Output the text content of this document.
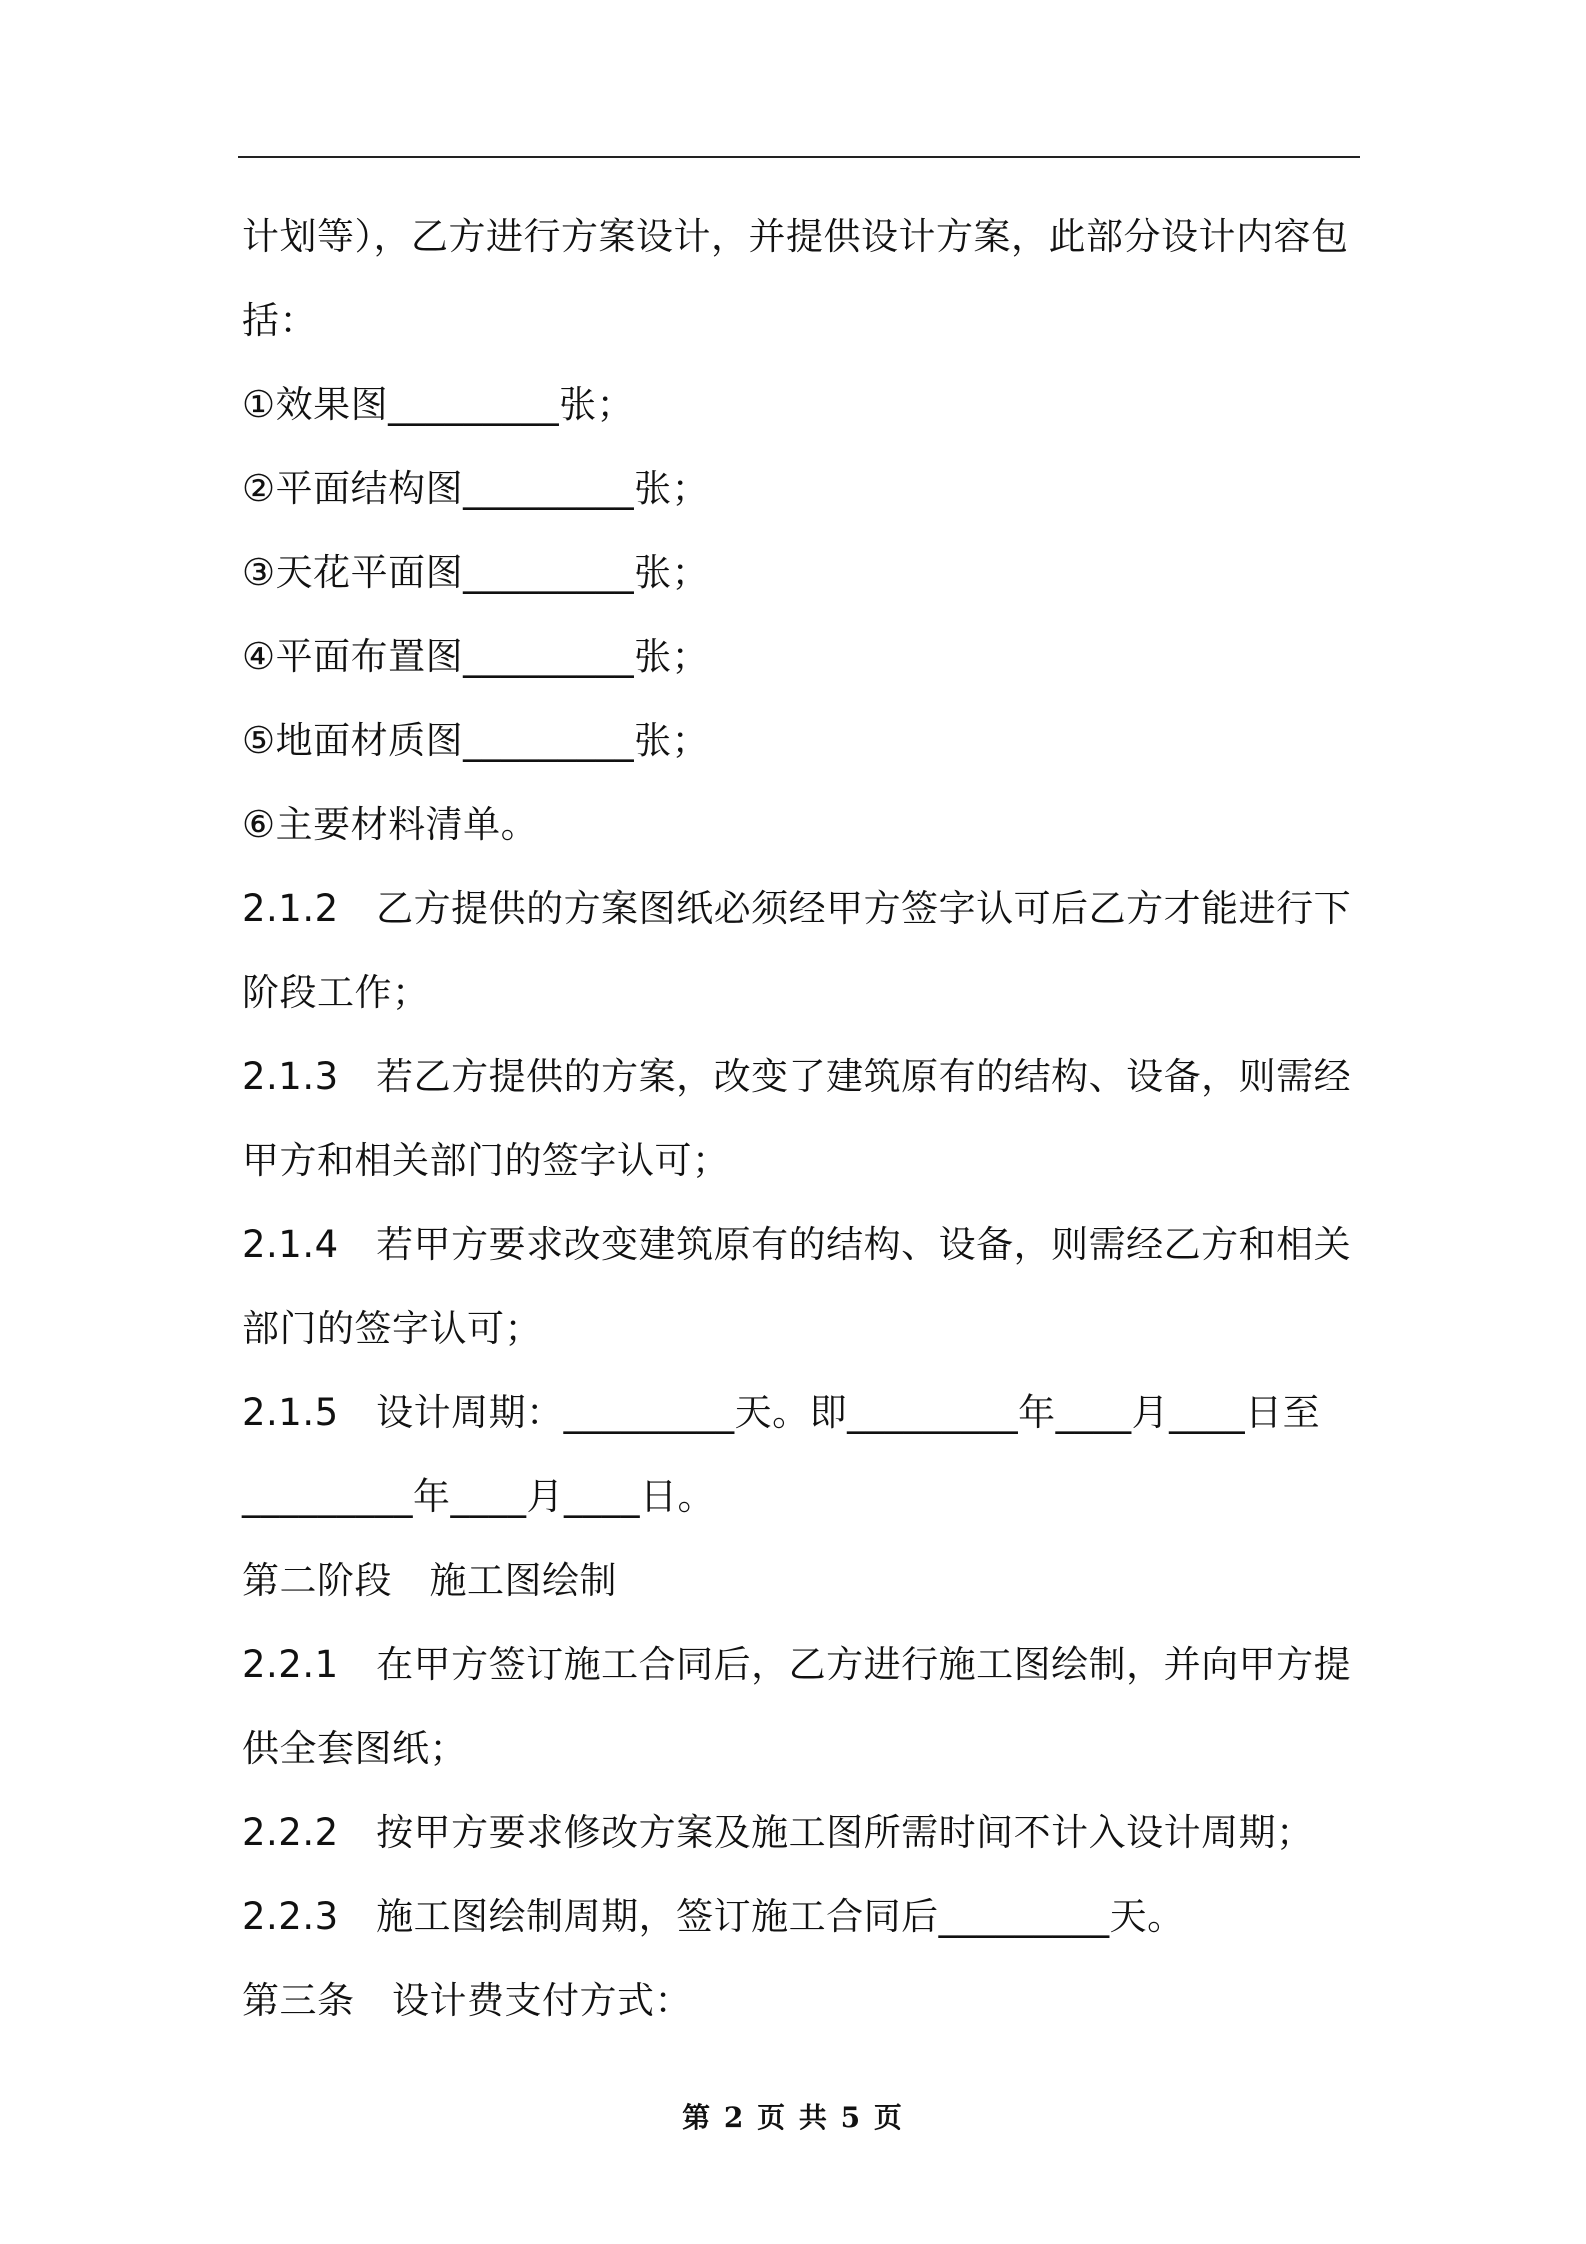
计划等），乙方进行方案设计，并提供设计方案，此部分设计内容包
括：
①效果图_________张；
②平面结构图_________张；
③天花平面图_________张；
④平面布置图_________张；
⑤地面材质图_________张；
⑥主要材料清单。
2.1.2　乙方提供的方案图纸必须经甲方签字认可后乙方才能进行下
阶段工作；
2.1.3　若乙方提供的方案，改变了建筑原有的结构、设备，则需经
甲方和相关部门的签字认可；
2.1.4　若甲方要求改变建筑原有的结构、设备，则需经乙方和相关
部门的签字认可；
2.1.5　设计周期：_________天。即_________年____月____日至
_________年____月____日。
第二阶段　施工图绘制
2.2.1　在甲方签订施工合同后，乙方进行施工图绘制，并向甲方提
供全套图纸；
2.2.2　按甲方要求修改方案及施工图所需时间不计入设计周期；
2.2.3　施工图绘制周期，签订施工合同后_________天。
第三条　设计费支付方式：
第 2 页 共 5 页
